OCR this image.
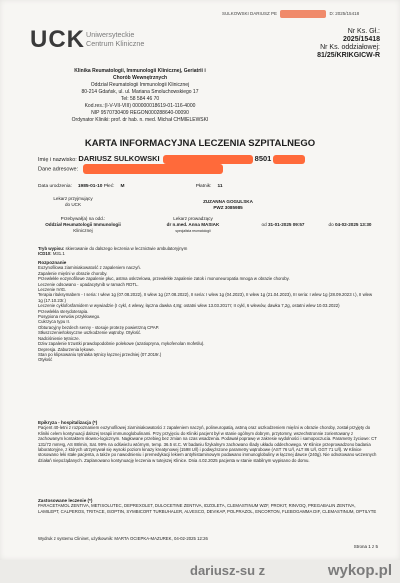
SULKOWSKI DARIUSZ PE	D: 2025/15418
UCK Uniwersyteckie
Centrum Kliniczne
Nr Ks. Gł.:
2025/15418
Nr Ks. oddziałowej:
81/25/KRIKGICW-R
Klinika Reumatologii, Immunologii Klinicznej, Geriatrii i
Chorób Wewnętrznych
Oddział Reumatologii Immunologii Klinicznej
80-214 Gdańsk, ul. ul. Mariana Smoluchowskiego 17
Tel: 58 584 46 70
Kod.res.:(I-V-VII-VIII) 000000018619-01-116-4000
NIP 9570730409 REGON000288640-00090
Ordynator Kliniki: prof. dr hab. n. med. Michał CHMIELEWSKI
KARTA INFORMACYJNA LECZENIA SZPITALNEGO
Imię i nazwisko: DARIUSZ SULKOWSKI	8501
Dane adresowe:
Data urodzenia: 1985-01-10 Płeć: M	Płatnik: 11
Lekarz przyjmujący
do UCK
ZUZANNA GOGULSKA
PWZ 3085985
Przebywał(a) na odd.:
Oddział Reumatologii Immunologii
Klinicznej
Lekarz prowadzący
dr n.med. Anna MASIAK
specjalista reumatologii
od 31-01-2025 09:57	do 04-02-2025 13:30

Tryb wypisu: skierowanie do dalszego leczenia w lecznictwie ambulatoryjnym

ICD10: M31.1

Rozpoznanie

Eozynofilowa ziarniniakowatość z zapaleniem naczyń.

Zapalenie mięśni w obrazie choroby.

Przewlekłe eozynofilowe zapalenie płuc, astma oskrzelowa, przewlekłe zapalenie zatok i mononeuropatia mnoga w obrazie choroby.

Leczenie odsowano - upadacytynib w ramach RDTL.

Leczenie IVIG.

Terapia rituksymabem - I seria: I wlew 1g (07.08.2022), II wlew 1g (27.08.2022), II seria: I wlew 1g (04.2023), II wlew 1g (21.04.2023), III seria: I wlew 1g (28.09.2023 r.), II wlew 1g (17.10.23r.)

Leczenie cyklofosfamidem w wywiadzie (I cykl, 4 wlewy, łączna dawka 4,8g; ostatni wlew 13.03.2017r; II cykl, 6 wlewów, dawka 7,2g, ostatni wlew 10.03.2022)

Przewlekła sterydoterapia.

Posypiona nerwów przykłowego.

Cukrzyca typu II.

Obturacyjny bezdech senny - stosuje protezę powietrzną CPAP.

Stłuszczenie/toksyczne uszkodzenie wątroby. Otyłość.

Nadciśnienie tętnicze.

Dziw zapalenie trzustki prawdopodobnie polekowe (azatiopryna, mykofenolan mofetilu).

Depresja. Zaburzenia lękowe.

Stan po klipsowaniu tętniaka tętnicy łącznej przedniej (07.2019r.)

Otyłość

Epikryza - hospitalizacja (*)

Pacjent 40-letni z rozpoznaniem eozynofilowej ziarniniakowatości z zapaleniem naczyń, polineuropatią, astmą oraz uszkodzeniem mięśni w obrazie choroby, został przyjęty do Kliniki celem kontynuacji dalszej terapii immunoglobulinami. Przy przyjęciu do Kliniki pacjent był w stanie ogólnym dobrym, przytomny, wszechstronnie zorientowany z zachowanym kontaktem słowno-logicznym. Nagłowane przebieg bez zmian na czas wsadzenia. Podawał poprawę w zakresie wydolności i samopoczucia. Parametry życiowe: CT 131/72 mmHg, AS 88/min, Sat. 99% na odświeżu wtórnym, temp. 36.5 st.C. W badaniu fizykalnym zachowano ślady układu oddechowego. W Klinice przeprowadzono badania laboratoryjne, z których utrzymywał się wysoki poziom kinazy kreatynowej (1598 U/l) i podwyższone parametry wątrobowe (AST 76 U/l, ALT 86 U/l, GGT 71 U/l). W Klinice stosowano leki stałe pacjenta, a także po nawodnieniu i premedykacji lekiem antyhistaminowym podawano immunoglobuliny w łącznej dawce (240g). Nie odnotowano wczesnych działań niepożądanych. Zaplanowano kontynuację leczenia w tutejszej Klinice. Dnia 4.02.2025 pacjenta w stanie stabilnym wypisano do domu.

Zastosowane leczenie (*)

PARACETAMOL ZENTIVA, METISOLUTEC, DEPREXOLET, DULOCETINE ZENTIVA, IDZOLETA, CLEMASTINUM WZF, PROKIT, RINVOQ, PREGABALIN ZENTIVA, LAMILEPT, CALPEROS, TRITACE, ISOPTIN, SYMBICORT TURBUHALER, ALVESCO, DEVIKAP, POLPRAZOL, ENCORTON, FLEBOGAMMA DIF, CLEMASTINUM, OPTILYTE

Wydruk z systemu Clininet, użytkownik: MARTA OCIEPKA-MAZUREK, 04-02-2025 12:26
Strona 1 z 5
dariusz-su z	wykop.pl
